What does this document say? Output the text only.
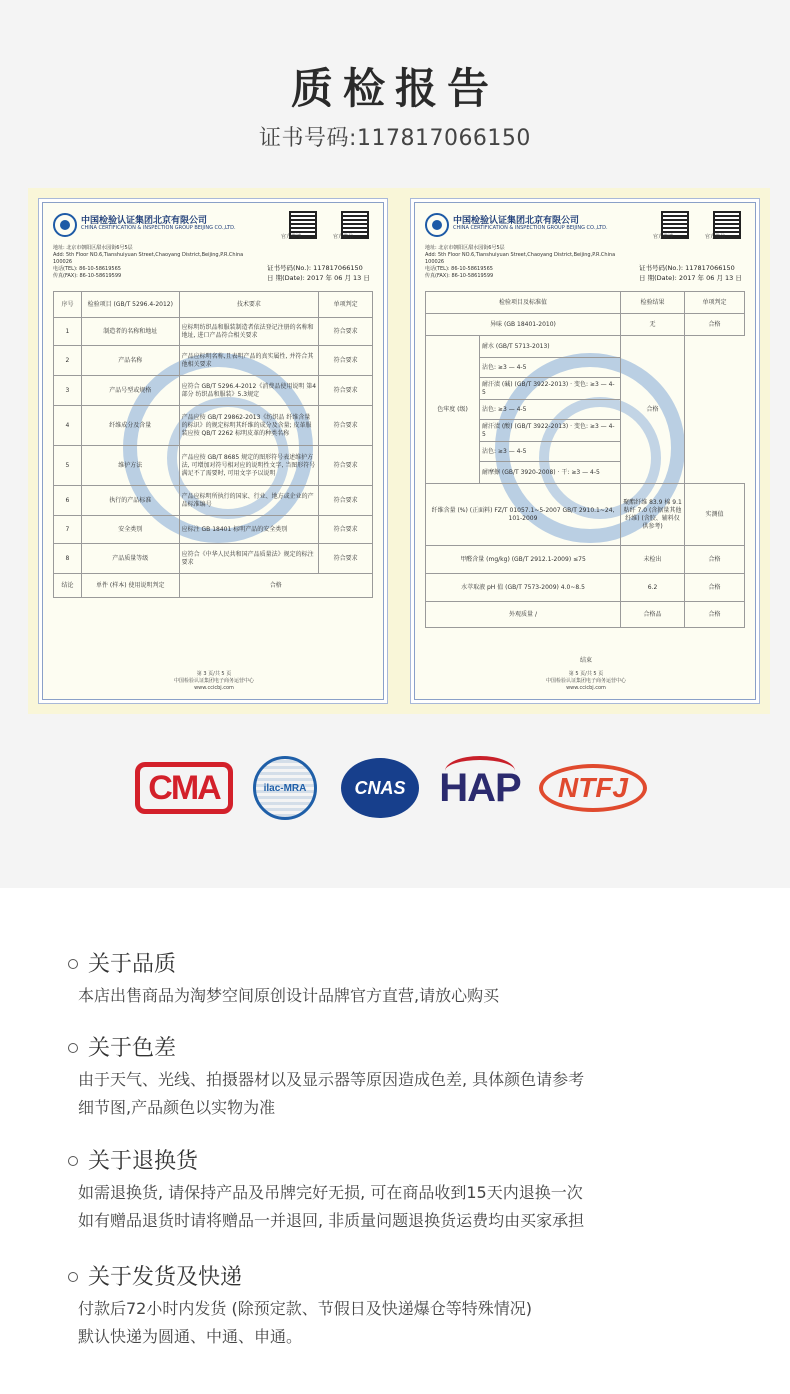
质检报告
证书号码:117817066150
中国检验认证集团北京有限公司
CHINA CERTIFICATION & INSPECTION GROUP BEIJING CO.,LTD.
官方微博	官方微信
地址: 北京市朝阳区甜水园街6号5层
Add: 5th Floor NO.6,Tianshuiyuan Street,Chaoyang District,Beijing,P.R.China 100026
电话(TEL): 86-10-58619565
传真(FAX): 86-10-58619599
证书号码(No.): 117817066150
日 期(Date): 2017 年 06 月 13 日
序号	检验项目 (GB/T 5296.4-2012)	技术要求	单项判定
1	制造者的名称和地址	应标明纺织品和服装制造者依法登记注册的名称和地址, 进口产品符合相关要求	符合要求
2	产品名称	产品应标明名称,且表明产品的真实属性, 并符合其他相关要求	符合要求
3	产品号型或规格	应符合 GB/T 5296.4-2012《消费品使用说明 第4部分 纺织品和服装》5.3规定	符合要求
4	纤维成分及含量	产品应按 GB/T 29862-2013《纺织品 纤维含量的标识》的规定标明其纤维的成分及含量; 皮革服装应按 QB/T 2262 标明皮革的种类名称	符合要求
5	维护方法	产品应按 GB/T 8685 规定的图形符号表述维护方法, 可增加对符号相对应的说明性文字, 当图形符号满足不了需要时, 可用文字予以说明	符合要求
6	执行的产品标准	产品应标明所执行的国家、行业、地方或企业的产品标准编号	符合要求
7	安全类别	应标注 GB 18401 标明产品的安全类别	符合要求
8	产品质量等级	应符合《中华人民共和国产品质量法》规定的标注要求	符合要求
结论	单件 (样本) 使用说明判定	合格	
第 3 页/共 5 页
中国检验认证集团电子商务运营中心
www.ccicbj.com
中国检验认证集团北京有限公司
CHINA CERTIFICATION & INSPECTION GROUP BEIJING CO.,LTD.
官方微博	官方微信
地址: 北京市朝阳区甜水园街6号5层
Add: 5th Floor NO.6,Tianshuiyuan Street,Chaoyang District,Beijing,P.R.China 100026
电话(TEL): 86-10-58619565
传真(FAX): 86-10-58619599
证书号码(No.): 117817066150
日 期(Date): 2017 年 06 月 13 日
检验项目及标准值		检验结果	单项判定
异味 (GB 18401-2010)		无	合格
色牢度 (级)	耐水 (GB/T 5713-2013)	合格	
	沾色: ≥3 — 4-5		
	耐汗渍 (碱) (GB/T 3922-2013) · 变色: ≥3 — 4-5		
	沾色: ≥3 — 4-5		
	耐汗渍 (酸) (GB/T 3922-2013) · 变色: ≥3 — 4-5		
	沾色: ≥3 — 4-5		
	耐摩擦 (GB/T 3920-2008) · 干: ≥3 — 4-5		
纤维含量 (%) (正面料) FZ/T 01057.1~5-2007 GB/T 2910.1~24, 101-2009		聚酯纤维 83.9 棉 9.1 粘纤 7.0 (含据量其他纤维) (含胶、辅料仅供参考)	实测值
甲醛含量 (mg/kg) (GB/T 2912.1-2009) ≤75		未检出	合格
水萃取液 pH 值 (GB/T 7573-2009) 4.0~8.5		6.2	合格
外观质量 /		合格品	合格
结束
第 5 页/共 5 页
中国检验认证集团电子商务运营中心
www.ccicbj.com
CMA	ilac-MRA	CNAS HAP	NTFJ
关于品质
本店出售商品为淘梦空间原创设计品牌官方直营,请放心购买
关于色差
由于天气、光线、拍摄器材以及显示器等原因造成色差, 具体颜色请参考
细节图,产品颜色以实物为准
关于退换货
如需退换货, 请保持产品及吊牌完好无损, 可在商品收到15天内退换一次
如有赠品退货时请将赠品一并退回, 非质量问题退换货运费均由买家承担
关于发货及快递
付款后72小时内发货 (除预定款、节假日及快递爆仓等特殊情况)
默认快递为圆通、中通、申通。
